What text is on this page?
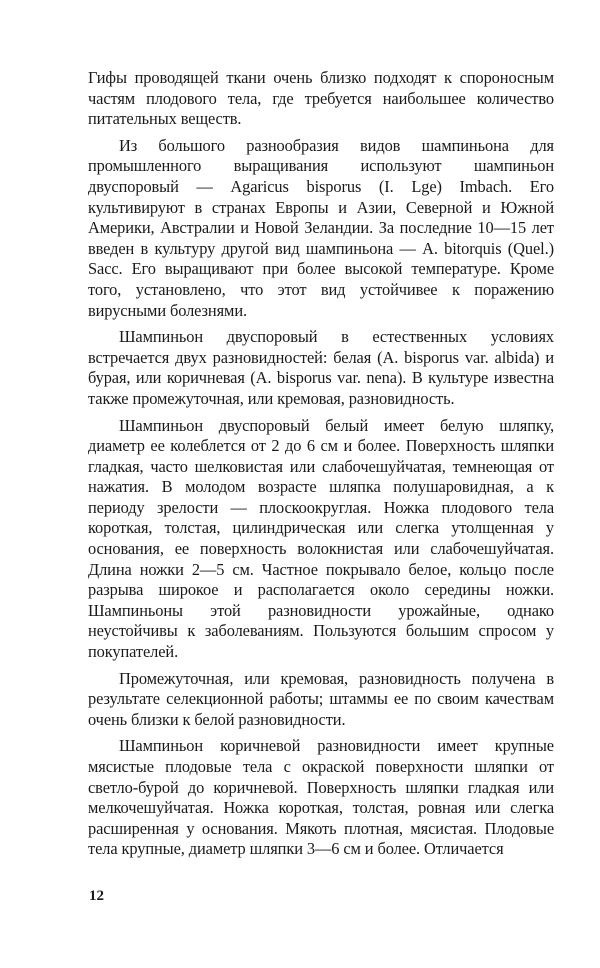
Гифы проводящей ткани очень близко подходят к спороносным частям плодового тела, где требуется наибольшее количество питательных веществ.

Из большого разнообразия видов шампиньона для промышленного выращивания используют шампиньон двуспоровый — Agaricus bisporus (I. Lge) Imbach. Его культивируют в странах Европы и Азии, Северной и Южной Америки, Австралии и Новой Зеландии. За последние 10—15 лет введен в культуру другой вид шампиньона — A. bitorquis (Quel.) Sacc. Его выращивают при более высокой температуре. Кроме того, установлено, что этот вид устойчивее к поражению вирусными болезнями.

Шампиньон двуспоровый в естественных условиях встречается двух разновидностей: белая (A. bisporus var. albida) и бурая, или коричневая (A. bisporus var. nena). В культуре известна также промежуточная, или кремовая, разновидность.

Шампиньон двуспоровый белый имеет белую шляпку, диаметр ее колеблется от 2 до 6 см и более. Поверхность шляпки гладкая, часто шелковистая или слабочешуйчатая, темнеющая от нажатия. В молодом возрасте шляпка полушаровидная, а к периоду зрелости — плоскоокруглая. Ножка плодового тела короткая, толстая, цилиндрическая или слегка утолщенная у основания, ее поверхность волокнистая или слабочешуйчатая. Длина ножки 2—5 см. Частное покрывало белое, кольцо после разрыва широкое и располагается около середины ножки. Шампиньоны этой разновидности урожайные, однако неустойчивы к заболеваниям. Пользуются большим спросом у покупателей.

Промежуточная, или кремовая, разновидность получена в результате селекционной работы; штаммы ее по своим качествам очень близки к белой разновидности.

Шампиньон коричневой разновидности имеет крупные мясистые плодовые тела с окраской поверхности шляпки от светло-бурой до коричневой. Поверхность шляпки гладкая или мелкочешуйчатая. Ножка короткая, толстая, ровная или слегка расширенная у основания. Мякоть плотная, мясистая. Плодовые тела крупные, диаметр шляпки 3—6 см и более. Отличается

12
